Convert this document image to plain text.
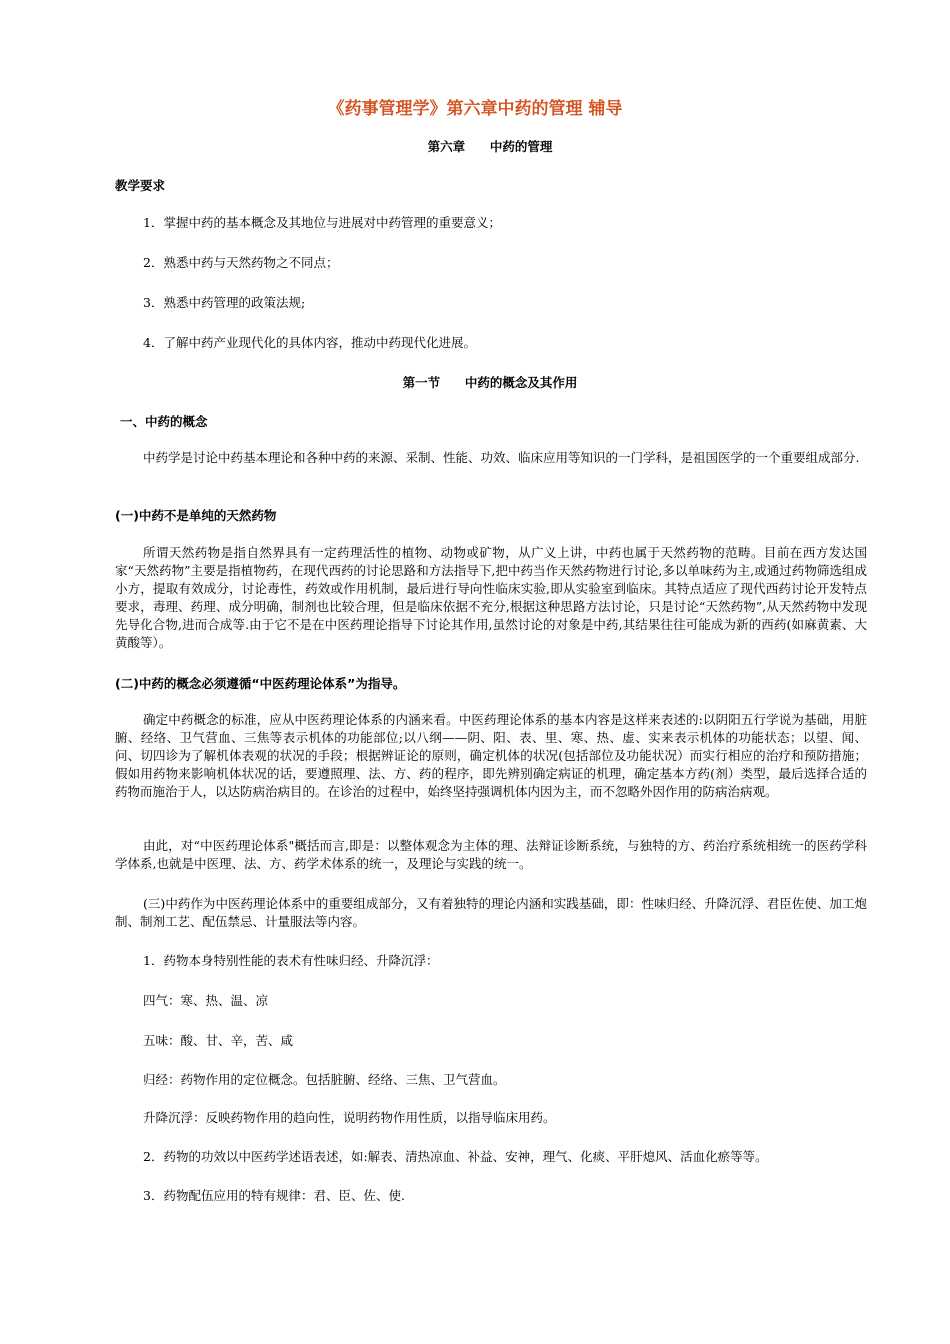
《药事管理学》第六章中药的管理 辅导
第六章　 中药的管理
教学要求
1．掌握中药的基本概念及其地位与进展对中药管理的重要意义；
2．熟悉中药与天然药物之不同点；
3．熟悉中药管理的政策法规;
4．了解中药产业现代化的具体内容，推动中药现代化进展。
第一节　 中药的概念及其作用
一、中药的概念
中药学是讨论中药基本理论和各种中药的来源、采制、性能、功效、临床应用等知识的一门学科，是祖国医学的一个重要组成部分.
(一)中药不是单纯的天然药物
所谓天然药物是指自然界具有一定药理活性的植物、动物或矿物，从广义上讲，中药也属于天然药物的范畴。目前在西方发达国家“天然药物”主要是指植物药，在现代西药的讨论思路和方法指导下,把中药当作天然药物进行讨论,多以单味药为主,或通过药物筛选组成小方，提取有效成分，讨论毒性，药效或作用机制，最后进行导向性临床实验,即从实验室到临床。其特点适应了现代西药讨论开发特点要求，毒理、药理、成分明确，制剂也比较合理，但是临床依据不充分,根据这种思路方法讨论，只是讨论“天然药物”,从天然药物中发现先导化合物,进而合成等.由于它不是在中医药理论指导下讨论其作用,虽然讨论的对象是中药,其结果往往可能成为新的西药(如麻黄素、大黄酸等）。
(二)中药的概念必须遵循“中医药理论体系”为指导。
确定中药概念的标准，应从中医药理论体系的内涵来看。中医药理论体系的基本内容是这样来表述的:以阴阳五行学说为基础，用脏腑、经络、卫气营血、三焦等表示机体的功能部位;以八纲——阴、阳、表、里、寒、热、虚、实来表示机体的功能状态；以望、闻、问、切四诊为了解机体表观的状况的手段；根据辨证论的原则，确定机体的状况(包括部位及功能状况）而实行相应的治疗和预防措施；假如用药物来影响机体状况的话，要遵照理、法、方、药的程序，即先辨别确定病证的机理，确定基本方药(剂）类型，最后选择合适的药物而施治于人，以达防病治病目的。在诊治的过程中，始终坚持强调机体内因为主，而不忽略外因作用的防病治病观。
由此，对“中医药理论体系"概括而言,即是：以整体观念为主体的理、法辩证诊断系统，与独特的方、药治疗系统相统一的医药学科学体系,也就是中医理、法、方、药学术体系的统一，及理论与实践的统一。
(三)中药作为中医药理论体系中的重要组成部分，又有着独特的理论内涵和实践基础，即：性味归经、升降沉浮、君臣佐使、加工炮制、制剂工艺、配伍禁忌、计量服法等内容。
1．药物本身特别性能的表术有性味归经、升降沉浮：
四气：寒、热、温、凉
五味：酸、甘、辛，苦、咸
归经：药物作用的定位概念。包括脏腑、经络、三焦、卫气营血。
升降沉浮：反映药物作用的趋向性，说明药物作用性质，以指导临床用药。
2．药物的功效以中医药学述语表述，如:解表、清热凉血、补益、安神，理气、化痰、平肝熄风、活血化瘀等等。
3．药物配伍应用的特有规律：君、臣、佐、使.
